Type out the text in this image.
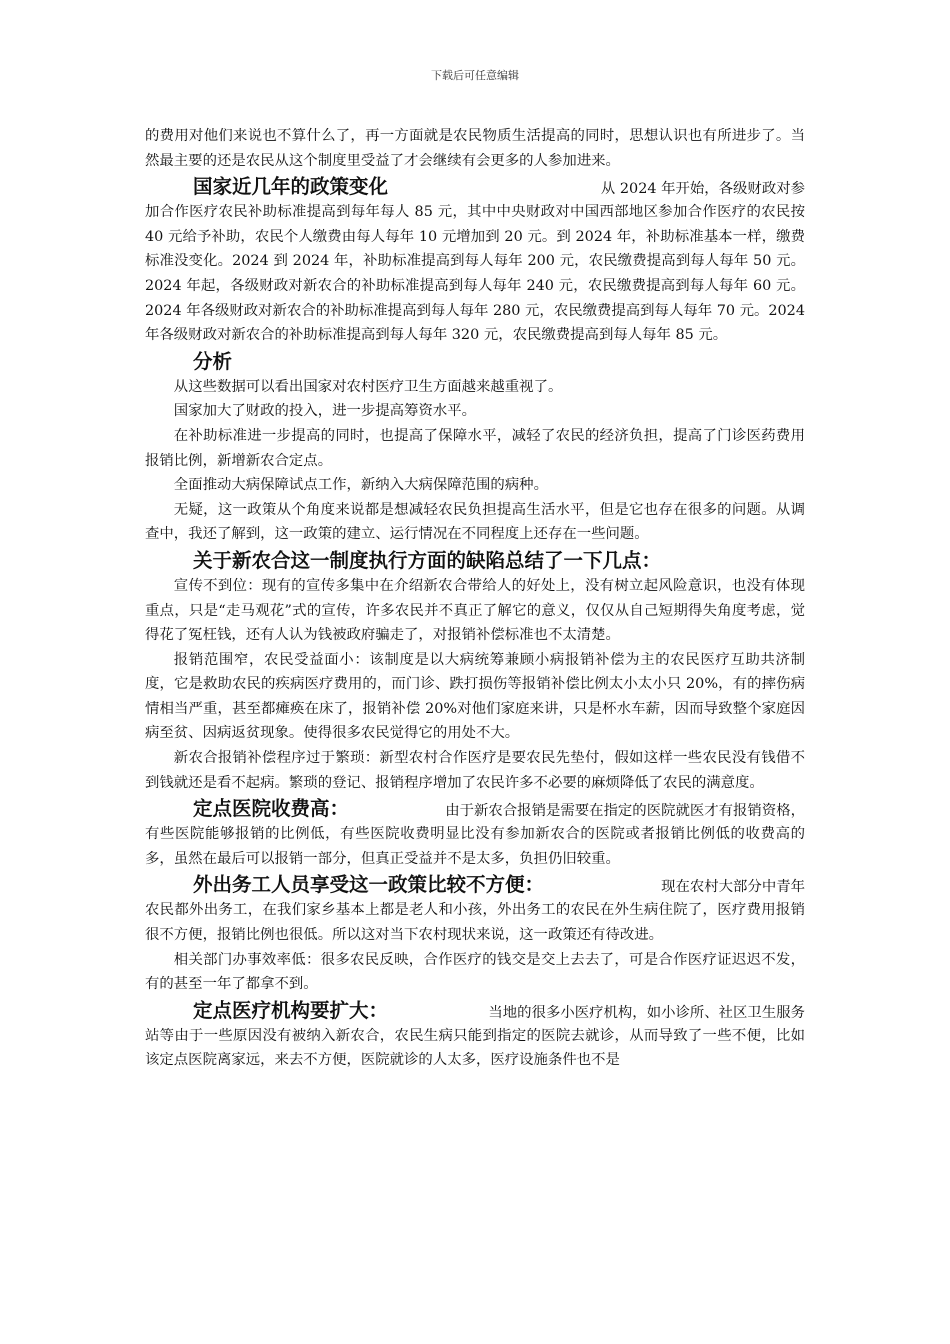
下载后可任意编辑

的费用对他们来说也不算什么了，再一方面就是农民物质生活提高的同时，思想认识也有所进步了。当然最主要的还是农民从这个制度里受益了才会继续有会更多的人参加进来。

国家近几年的政策变化	从 2024 年开始，各级财政对参

加合作医疗农民补助标准提高到每年每人 85 元，其中中央财政对中国西部地区参加合作医疗的农民按 40 元给予补助，农民个人缴费由每人每年 10 元增加到 20 元。到 2024 年，补助标准基本一样，缴费标准没变化。2024 到 2024 年，补助标准提高到每人每年 200 元，农民缴费提高到每人每年 50 元。2024 年起，各级财政对新农合的补助标准提高到每人每年 240 元，农民缴费提高到每人每年 60 元。2024 年各级财政对新农合的补助标准提高到每人每年 280 元，农民缴费提高到每人每年 70 元。2024 年各级财政对新农合的补助标准提高到每人每年 320 元，农民缴费提高到每人每年 85 元。

分析

从这些数据可以看出国家对农村医疗卫生方面越来越重视了。

国家加大了财政的投入，进一步提高筹资水平。

在补助标准进一步提高的同时，也提高了保障水平，减轻了农民的经济负担，提高了门诊医药费用报销比例，新增新农合定点。

全面推动大病保障试点工作，新纳入大病保障范围的病种。

无疑，这一政策从个角度来说都是想减轻农民负担提高生活水平，但是它也存在很多的问题。从调查中，我还了解到，这一政策的建立、运行情况在不同程度上还存在一些问题。

关于新农合这一制度执行方面的缺陷总结了一下几点：

宣传不到位：现有的宣传多集中在介绍新农合带给人的好处上，没有树立起风险意识，也没有体现重点，只是“走马观花”式的宣传，许多农民并不真正了解它的意义，仅仅从自己短期得失角度考虑，觉得花了冤枉钱，还有人认为钱被政府骗走了，对报销补偿标准也不太清楚。

报销范围窄，农民受益面小：该制度是以大病统筹兼顾小病报销补偿为主的农民医疗互助共济制度，它是救助农民的疾病医疗费用的，而门诊、跌打损伤等报销补偿比例太小太小只 20%，有的摔伤病情相当严重，甚至都瘫痪在床了，报销补偿 20%对他们家庭来讲，只是杯水车薪，因而导致整个家庭因病至贫、因病返贫现象。使得很多农民觉得它的用处不大。

新农合报销补偿程序过于繁琐：新型农村合作医疗是要农民先垫付，假如这样一些农民没有钱借不到钱就还是看不起病。繁琐的登记、报销程序增加了农民许多不必要的麻烦降低了农民的满意度。

定点医院收费高：	由于新农合报销是需要在指定的医院就医才有报销资格，

有些医院能够报销的比例低，有些医院收费明显比没有参加新农合的医院或者报销比例低的收费高的多，虽然在最后可以报销一部分，但真正受益并不是太多，负担仍旧较重。

外出务工人员享受这一政策比较不方便：	现在农村大部分中青年

农民都外出务工，在我们家乡基本上都是老人和小孩，外出务工的农民在外生病住院了，医疗费用报销很不方便，报销比例也很低。所以这对当下农村现状来说，这一政策还有待改进。

相关部门办事效率低：很多农民反映，合作医疗的钱交是交上去去了，可是合作医疗证迟迟不发，有的甚至一年了都拿不到。

定点医疗机构要扩大：	当地的很多小医疗机构，如小诊所、社区卫生服务

站等由于一些原因没有被纳入新农合，农民生病只能到指定的医院去就诊，从而导致了一些不便，比如该定点医院离家远，来去不方便，医院就诊的人太多，医疗设施条件也不是
